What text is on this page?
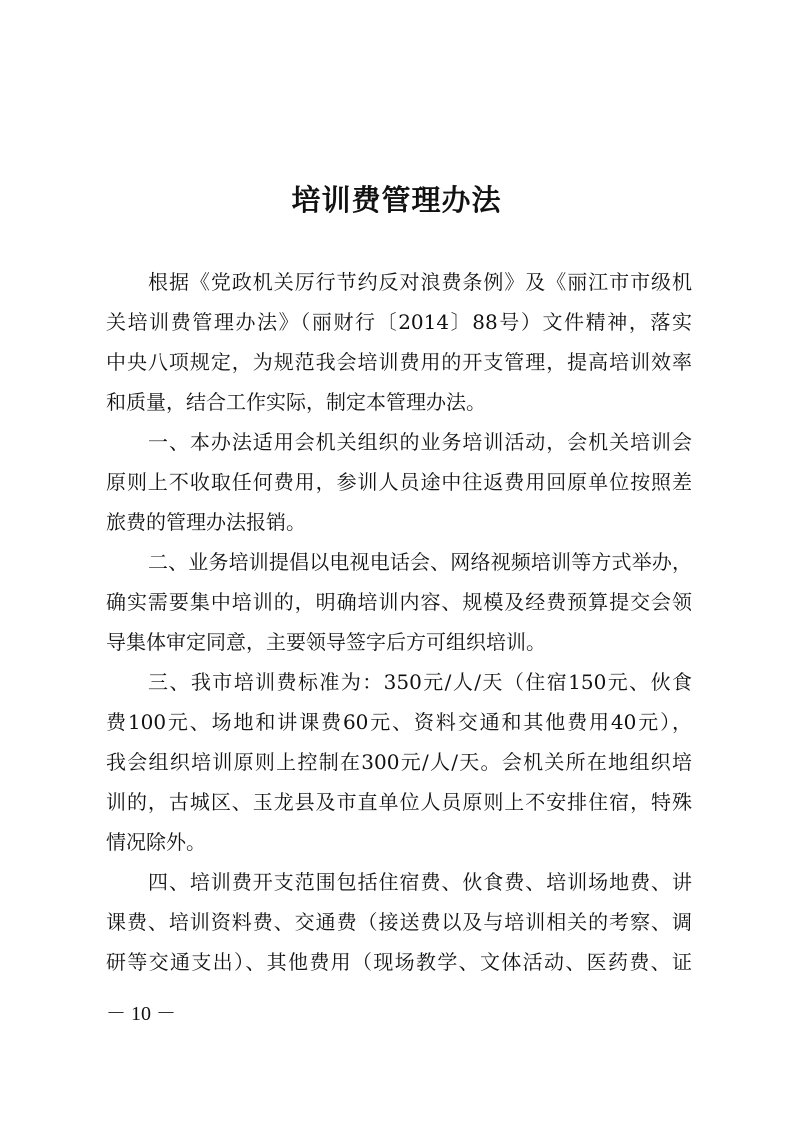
培训费管理办法
根据《党政机关厉行节约反对浪费条例》及《丽江市市级机
关培训费管理办法》（丽财行〔2014〕88号）文件精神，落实
中央八项规定，为规范我会培训费用的开支管理，提高培训效率
和质量，结合工作实际，制定本管理办法。
一、本办法适用会机关组织的业务培训活动，会机关培训会
原则上不收取任何费用，参训人员途中往返费用回原单位按照差
旅费的管理办法报销。
二、业务培训提倡以电视电话会、网络视频培训等方式举办，
确实需要集中培训的，明确培训内容、规模及经费预算提交会领
导集体审定同意，主要领导签字后方可组织培训。
三、我市培训费标准为：350元/人/天（住宿150元、伙食
费100元、场地和讲课费60元、资料交通和其他费用40元），
我会组织培训原则上控制在300元/人/天。会机关所在地组织培
训的，古城区、玉龙县及市直单位人员原则上不安排住宿，特殊
情况除外。
四、培训费开支范围包括住宿费、伙食费、培训场地费、讲
课费、培训资料费、交通费（接送费以及与培训相关的考察、调
研等交通支出）、其他费用（现场教学、文体活动、医药费、证
－ 10 －
